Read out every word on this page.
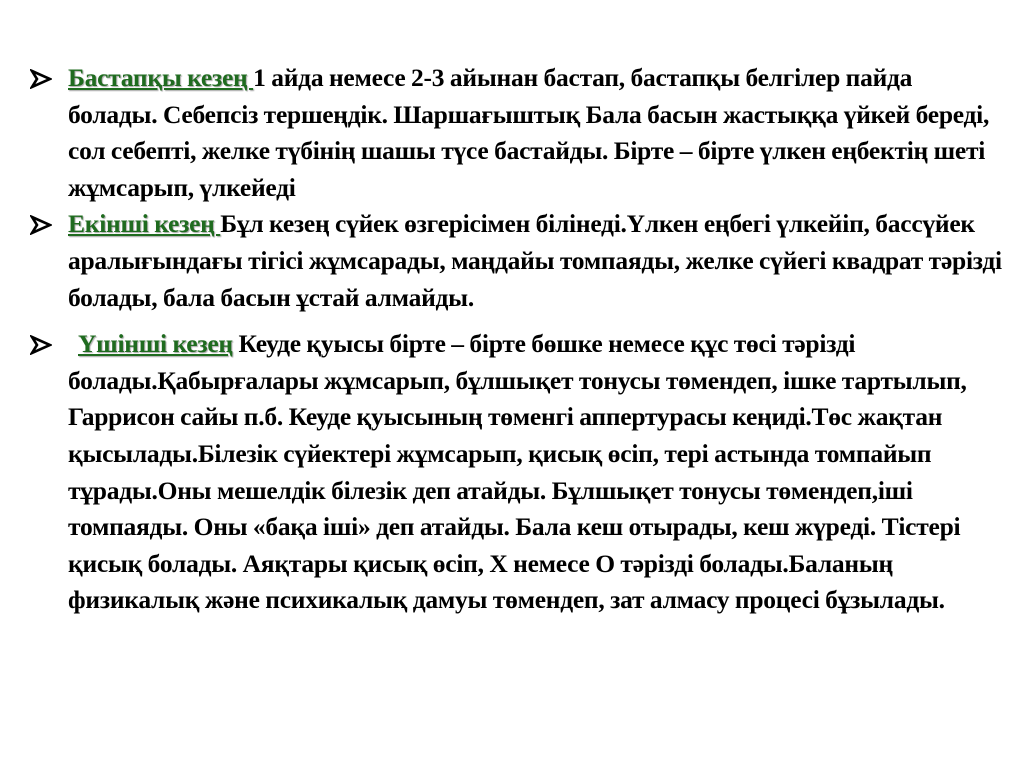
Бастапқы кезең 1 айда немесе 2-3 айынан бастап, бастапқы белгілер пайда болады. Себепсіз тершеңдік. Шаршағыштық Бала басын жастыққа үйкей береді, сол себепті, желке түбінің шашы түсе бастайды. Бірте – бірте үлкен еңбектің шеті жұмсарып, үлкейеді
Екінші кезең Бұл кезең сүйек өзгерісімен білінеді.Үлкен еңбегі үлкейіп, бассүйек аралығындағы тігісі жұмсарады, маңдайы томпаяды, желке сүйегі квадрат тәрізді болады, бала басын ұстай алмайды.
Үшінші кезең Кеуде қуысы бірте – бірте бөшке немесе құс төсі тәрізді болады.Қабырғалары жұмсарып, бұлшықет тонусы төмендеп, ішке тартылып, Гаррисон сайы п.б. Кеуде қуысының төменгі аппертурасы кеңиді.Төс жақтан қысылады.Білезік сүйектері жұмсарып, қисық өсіп, тері астында томпайып тұрады.Оны мешелдік білезік деп атайды. Бұлшықет тонусы төмендеп,іші томпаяды. Оны «бақа іші» деп атайды. Бала кеш отырады, кеш жүреді. Тістері қисық болады. Аяқтары қисық өсіп, Х немесе О тәрізді болады.Баланың физикалық және психикалық дамуы төмендеп, зат алмасу процесі бұзылады.
